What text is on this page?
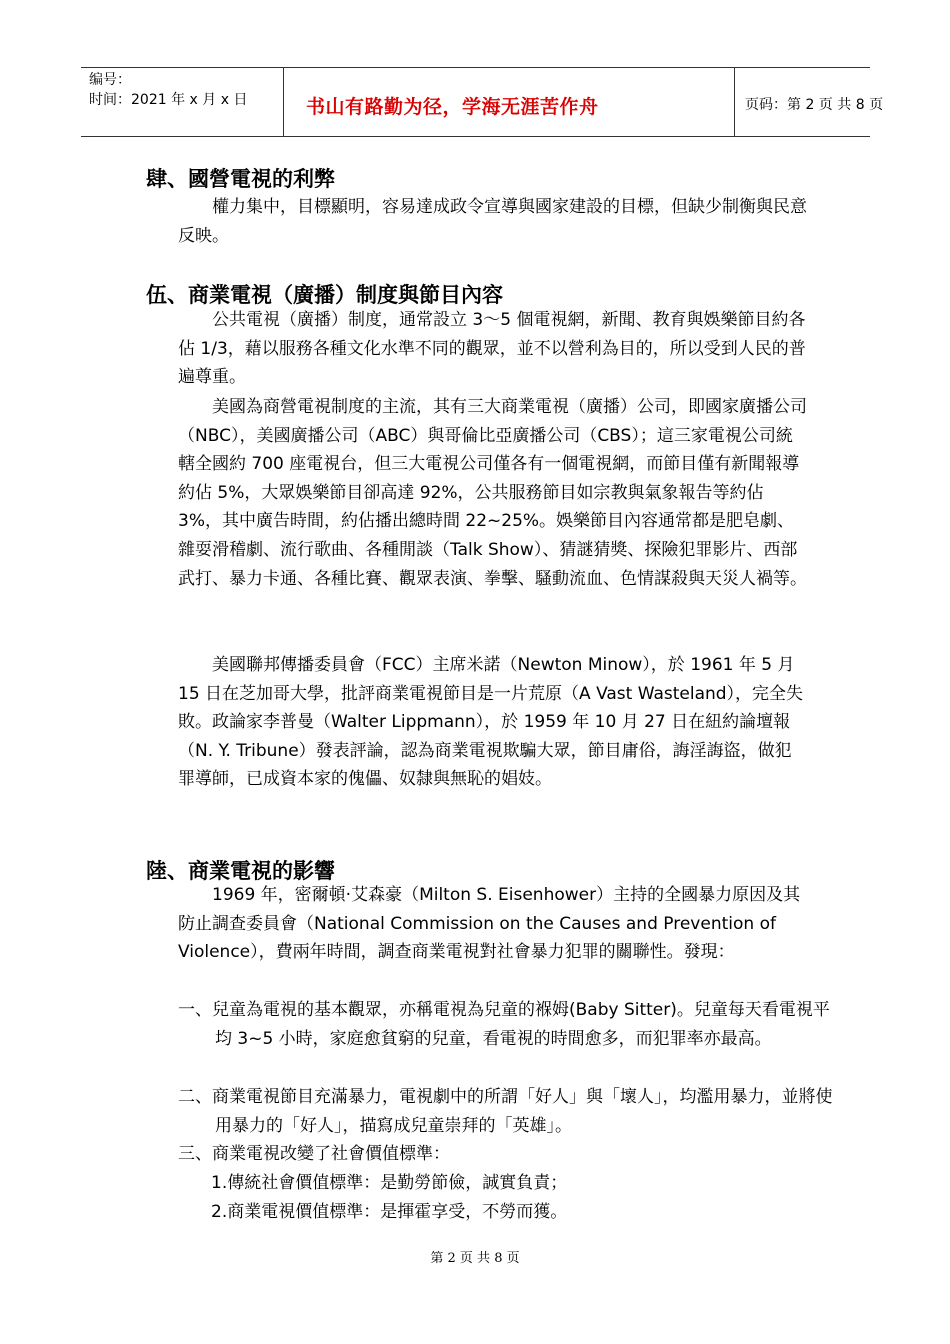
编号：
时间：2021 年 x 月 x 日	书山有路勤为径，学海无涯苦作舟	页码：第 2 页 共 8 页
肆、國營電視的利弊

權力集中，目標顯明，容易達成政令宣導與國家建設的目標，但缺少制衡與民意反映。

伍、商業電視（廣播）制度與節目內容

公共電視（廣播）制度，通常設立 3～5 個電視網，新聞、教育與娛樂節目約各佔 1/3，藉以服務各種文化水準不同的觀眾，並不以營利為目的，所以受到人民的普遍尊重。

美國為商營電視制度的主流，其有三大商業電視（廣播）公司，即國家廣播公司（NBC），美國廣播公司（ABC）與哥倫比亞廣播公司（CBS）；這三家電視公司統轄全國約 700 座電視台，但三大電視公司僅各有一個電視網，而節目僅有新聞報導約佔 5%，大眾娛樂節目卻高達 92%，公共服務節目如宗教與氣象報告等約佔 3%，其中廣告時間，約佔播出總時間 22~25%。娛樂節目內容通常都是肥皂劇、雜耍滑稽劇、流行歌曲、各種閒談（Talk Show）、猜謎猜獎、探險犯罪影片、西部武打、暴力卡通、各種比賽、觀眾表演、拳擊、騷動流血、色情謀殺與天災人禍等。

美國聯邦傳播委員會（FCC）主席米諾（Newton Minow），於 1961 年 5 月 15 日在芝加哥大學，批評商業電視節目是一片荒原（A Vast Wasteland），完全失敗。政論家李普曼（Walter Lippmann），於 1959 年 10 月 27 日在紐約論壇報（N. Y. Tribune）發表評論，認為商業電視欺騙大眾，節目庸俗，誨淫誨盜，做犯罪導師，已成資本家的傀儡、奴隸與無恥的娼妓。

陸、商業電視的影響

1969 年，密爾頓·艾森豪（Milton S. Eisenhower）主持的全國暴力原因及其防止調查委員會（National Commission on the Causes and Prevention of Violence），費兩年時間，調查商業電視對社會暴力犯罪的關聯性。發現：

一、兒童為電視的基本觀眾，亦稱電視為兒童的褓姆(Baby Sitter)。兒童每天看電視平均 3~5 小時，家庭愈貧窮的兒童，看電視的時間愈多，而犯罪率亦最高。

二、商業電視節目充滿暴力，電視劇中的所謂「好人」與「壞人」，均濫用暴力，並將使用暴力的「好人」，描寫成兒童崇拜的「英雄」。

三、商業電視改變了社會價值標準：

1.傳統社會價值標準：是勤勞節儉，誠實負責；
2.商業電視價值標準：是揮霍享受，不勞而獲。
第 2 页 共 8 页
